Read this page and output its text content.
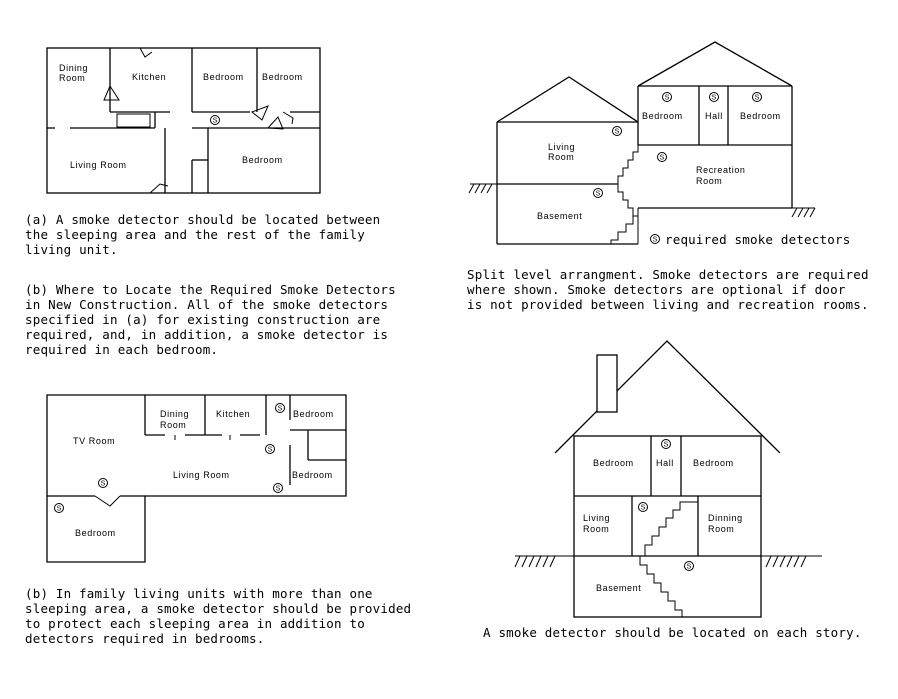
Dining
Room	Kitchen	Bedroom Bedroom
Living Room	Bedroom
S
(a) A smoke detector should be located between
the sleeping area and the rest of the family
living unit.
(b) Where to Locate the Required Smoke Detectors
in New Construction. All of the smoke detectors
specified in (a) for existing construction are
required, and, in addition, a smoke detector is
required in each bedroom.
Living
Room
Basement
Bedroom Hall Bedroom
Recreation
Room
S	S	S
S
S
S
S required smoke detectors
Split level arrangment. Smoke detectors are required
where shown. Smoke detectors are optional if door
is not provided between living and recreation rooms.
TV Room
Dining
Room
Kitchen	Bedroom
Living Room	Bedroom
Bedroom
S
S
S
S
S
(b) In family living units with more than one
sleeping area, a smoke detector should be provided
to protect each sleeping area in addition to
detectors required in bedrooms.
Bedroom Hall Bedroom
Living
Room
Dinning
Room
Basement
S
S
S
A smoke detector should be located on each story.
